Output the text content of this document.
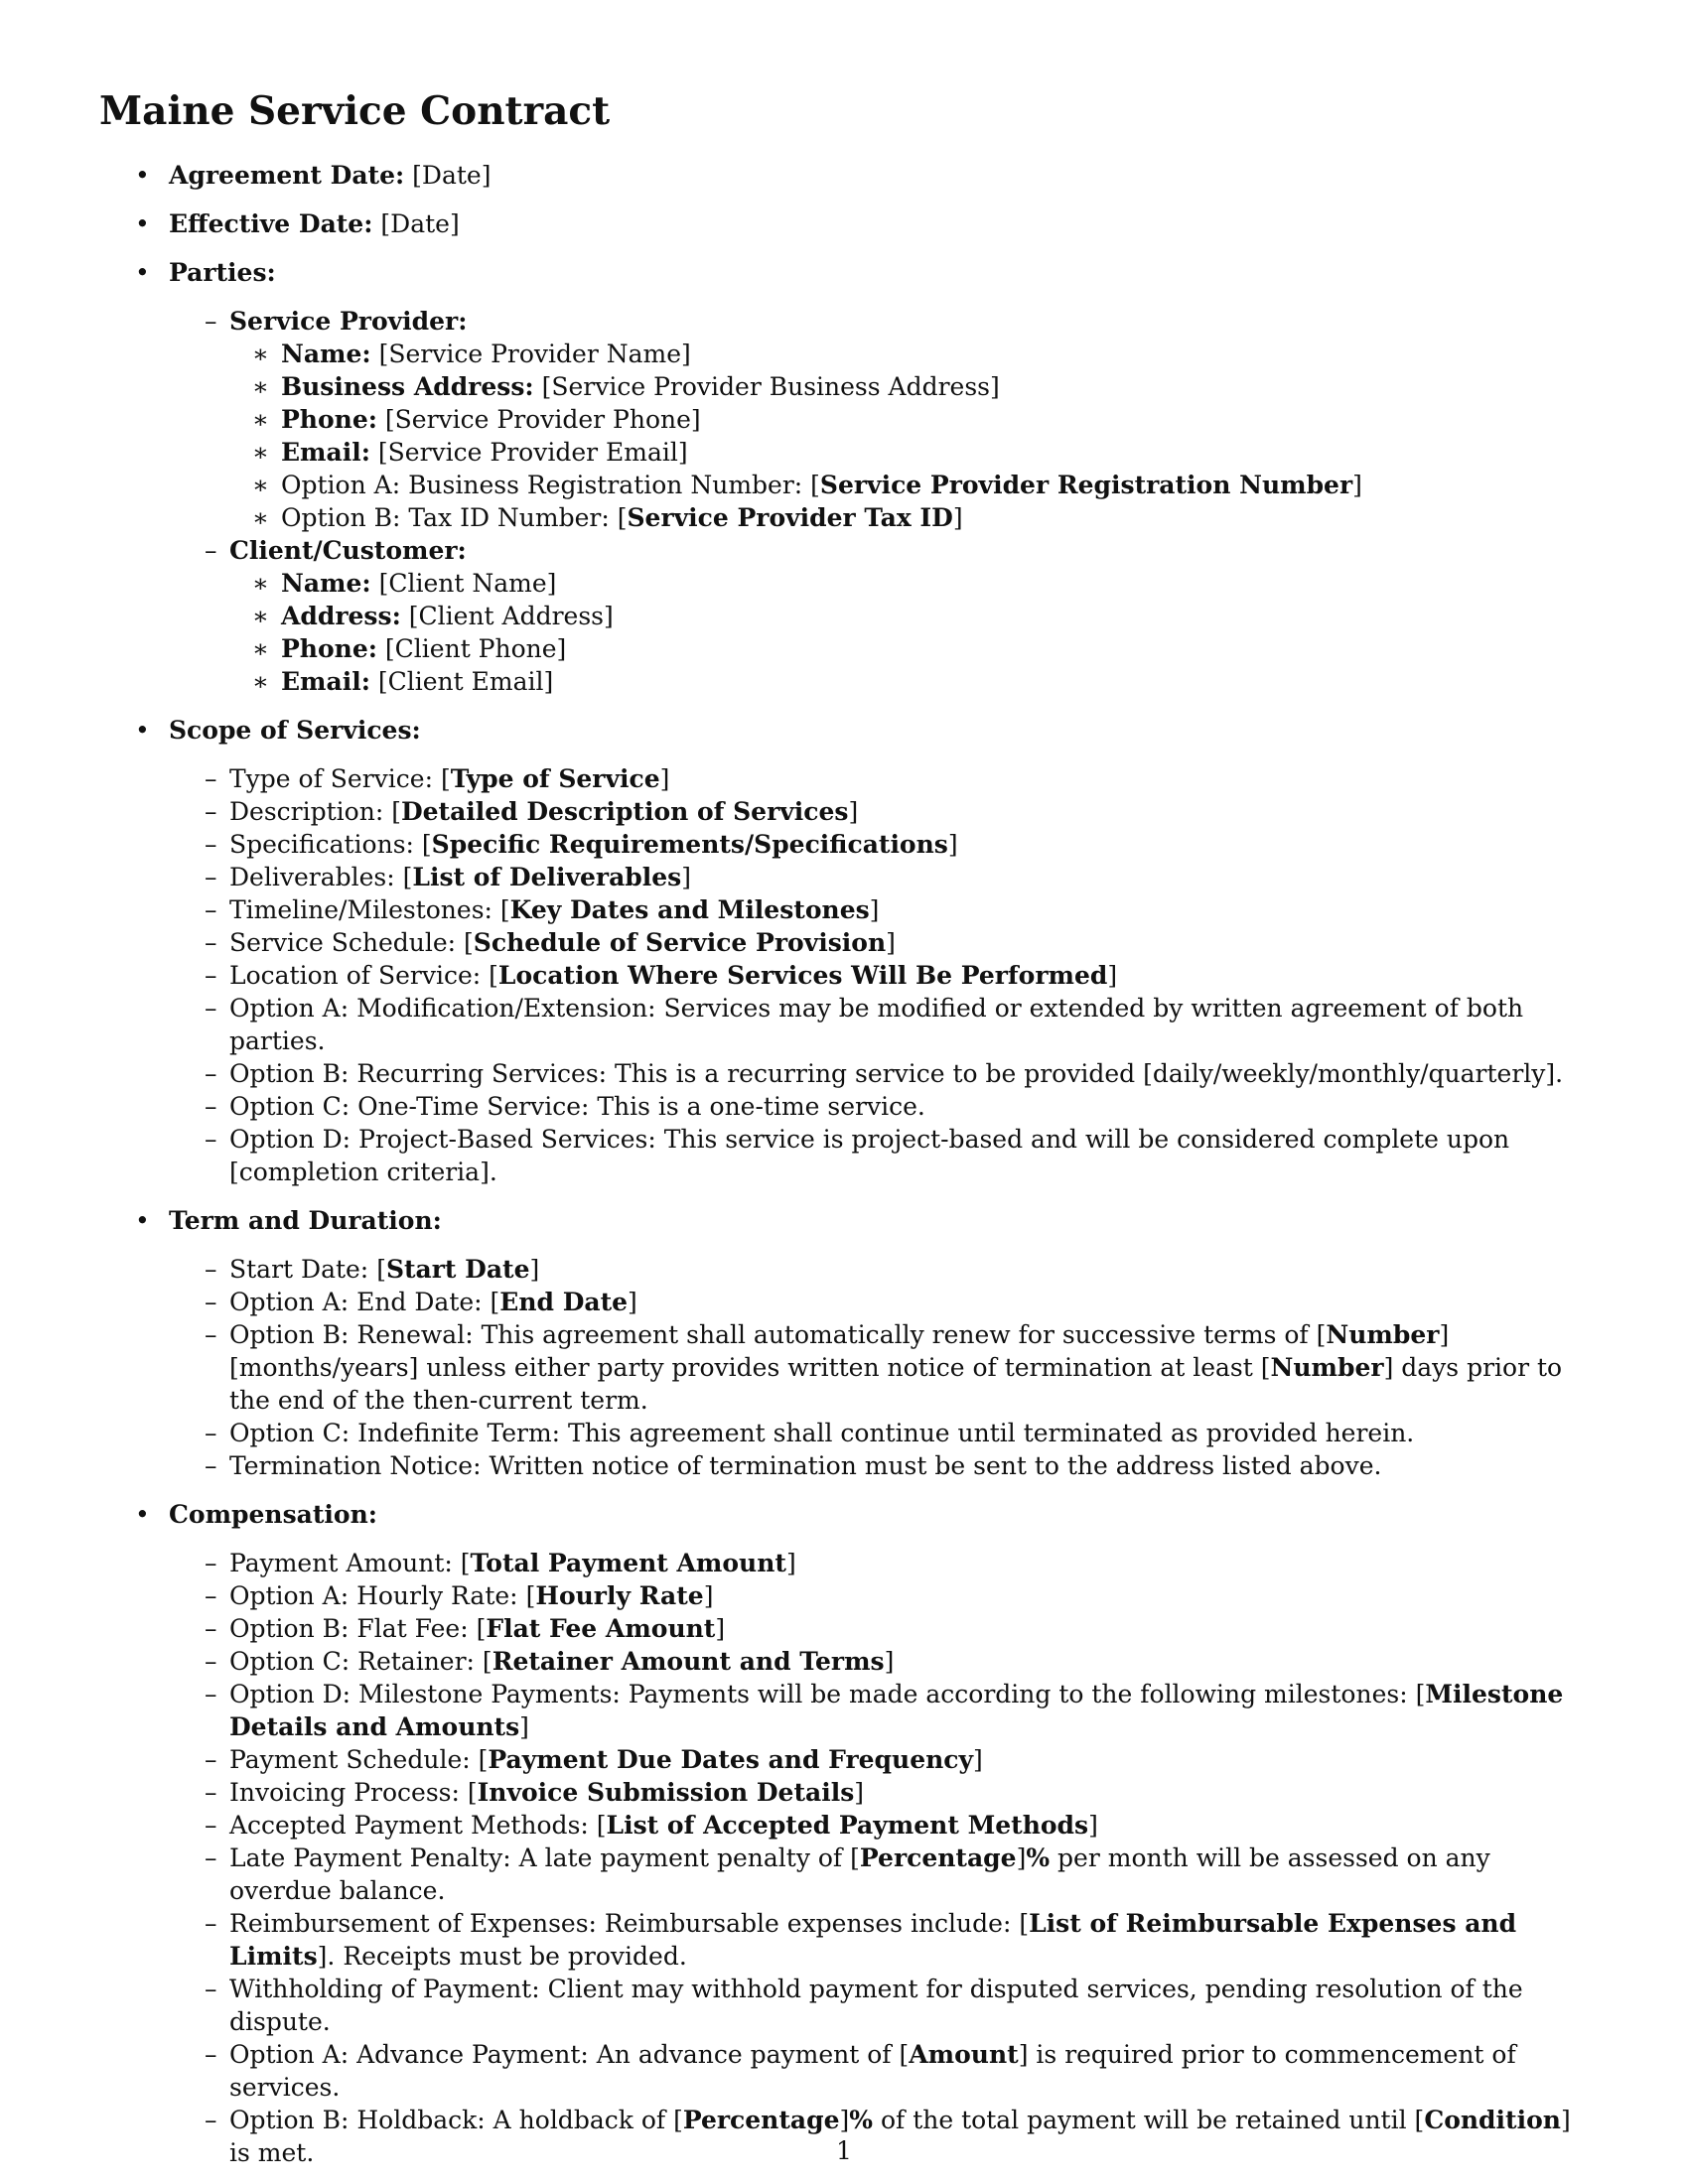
Maine Service Contract
• Agreement Date: [Date]
• Effective Date: [Date]
• Parties:
– Service Provider:
∗ Name: [Service Provider Name]
∗ Business Address: [Service Provider Business Address]
∗ Phone: [Service Provider Phone]
∗ Email: [Service Provider Email]
∗ Option A: Business Registration Number: [Service Provider Registration Number]
∗ Option B: Tax ID Number: [Service Provider Tax ID]
– Client/Customer:
∗ Name: [Client Name]
∗ Address: [Client Address]
∗ Phone: [Client Phone]
∗ Email: [Client Email]
• Scope of Services:
– Type of Service: [Type of Service]
– Description: [Detailed Description of Services]
– Specifications: [Specific Requirements/Specifications]
– Deliverables: [List of Deliverables]
– Timeline/Milestones: [Key Dates and Milestones]
– Service Schedule: [Schedule of Service Provision]
– Location of Service: [Location Where Services Will Be Performed]
– Option A: Modification/Extension: Services may be modified or extended by written agreement of both parties.
– Option B: Recurring Services: This is a recurring service to be provided [daily/weekly/monthly/quarterly].
– Option C: One-Time Service: This is a one-time service.
– Option D: Project-Based Services: This service is project-based and will be considered complete upon [completion criteria].
• Term and Duration:
– Start Date: [Start Date]
– Option A: End Date: [End Date]
– Option B: Renewal: This agreement shall automatically renew for successive terms of [Number] [months/years] unless either party provides written notice of termination at least [Number] days prior to the end of the then-current term.
– Option C: Indefinite Term: This agreement shall continue until terminated as provided herein.
– Termination Notice: Written notice of termination must be sent to the address listed above.
• Compensation:
– Payment Amount: [Total Payment Amount]
– Option A: Hourly Rate: [Hourly Rate]
– Option B: Flat Fee: [Flat Fee Amount]
– Option C: Retainer: [Retainer Amount and Terms]
– Option D: Milestone Payments: Payments will be made according to the following milestones: [Milestone Details and Amounts]
– Payment Schedule: [Payment Due Dates and Frequency]
– Invoicing Process: [Invoice Submission Details]
– Accepted Payment Methods: [List of Accepted Payment Methods]
– Late Payment Penalty: A late payment penalty of [Percentage]% per month will be assessed on any overdue balance.
– Reimbursement of Expenses: Reimbursable expenses include: [List of Reimbursable Expenses and Limits]. Receipts must be provided.
– Withholding of Payment: Client may withhold payment for disputed services, pending resolution of the dispute.
– Option A: Advance Payment: An advance payment of [Amount] is required prior to commencement of services.
– Option B: Holdback: A holdback of [Percentage]% of the total payment will be retained until [Condition] is met.	1
